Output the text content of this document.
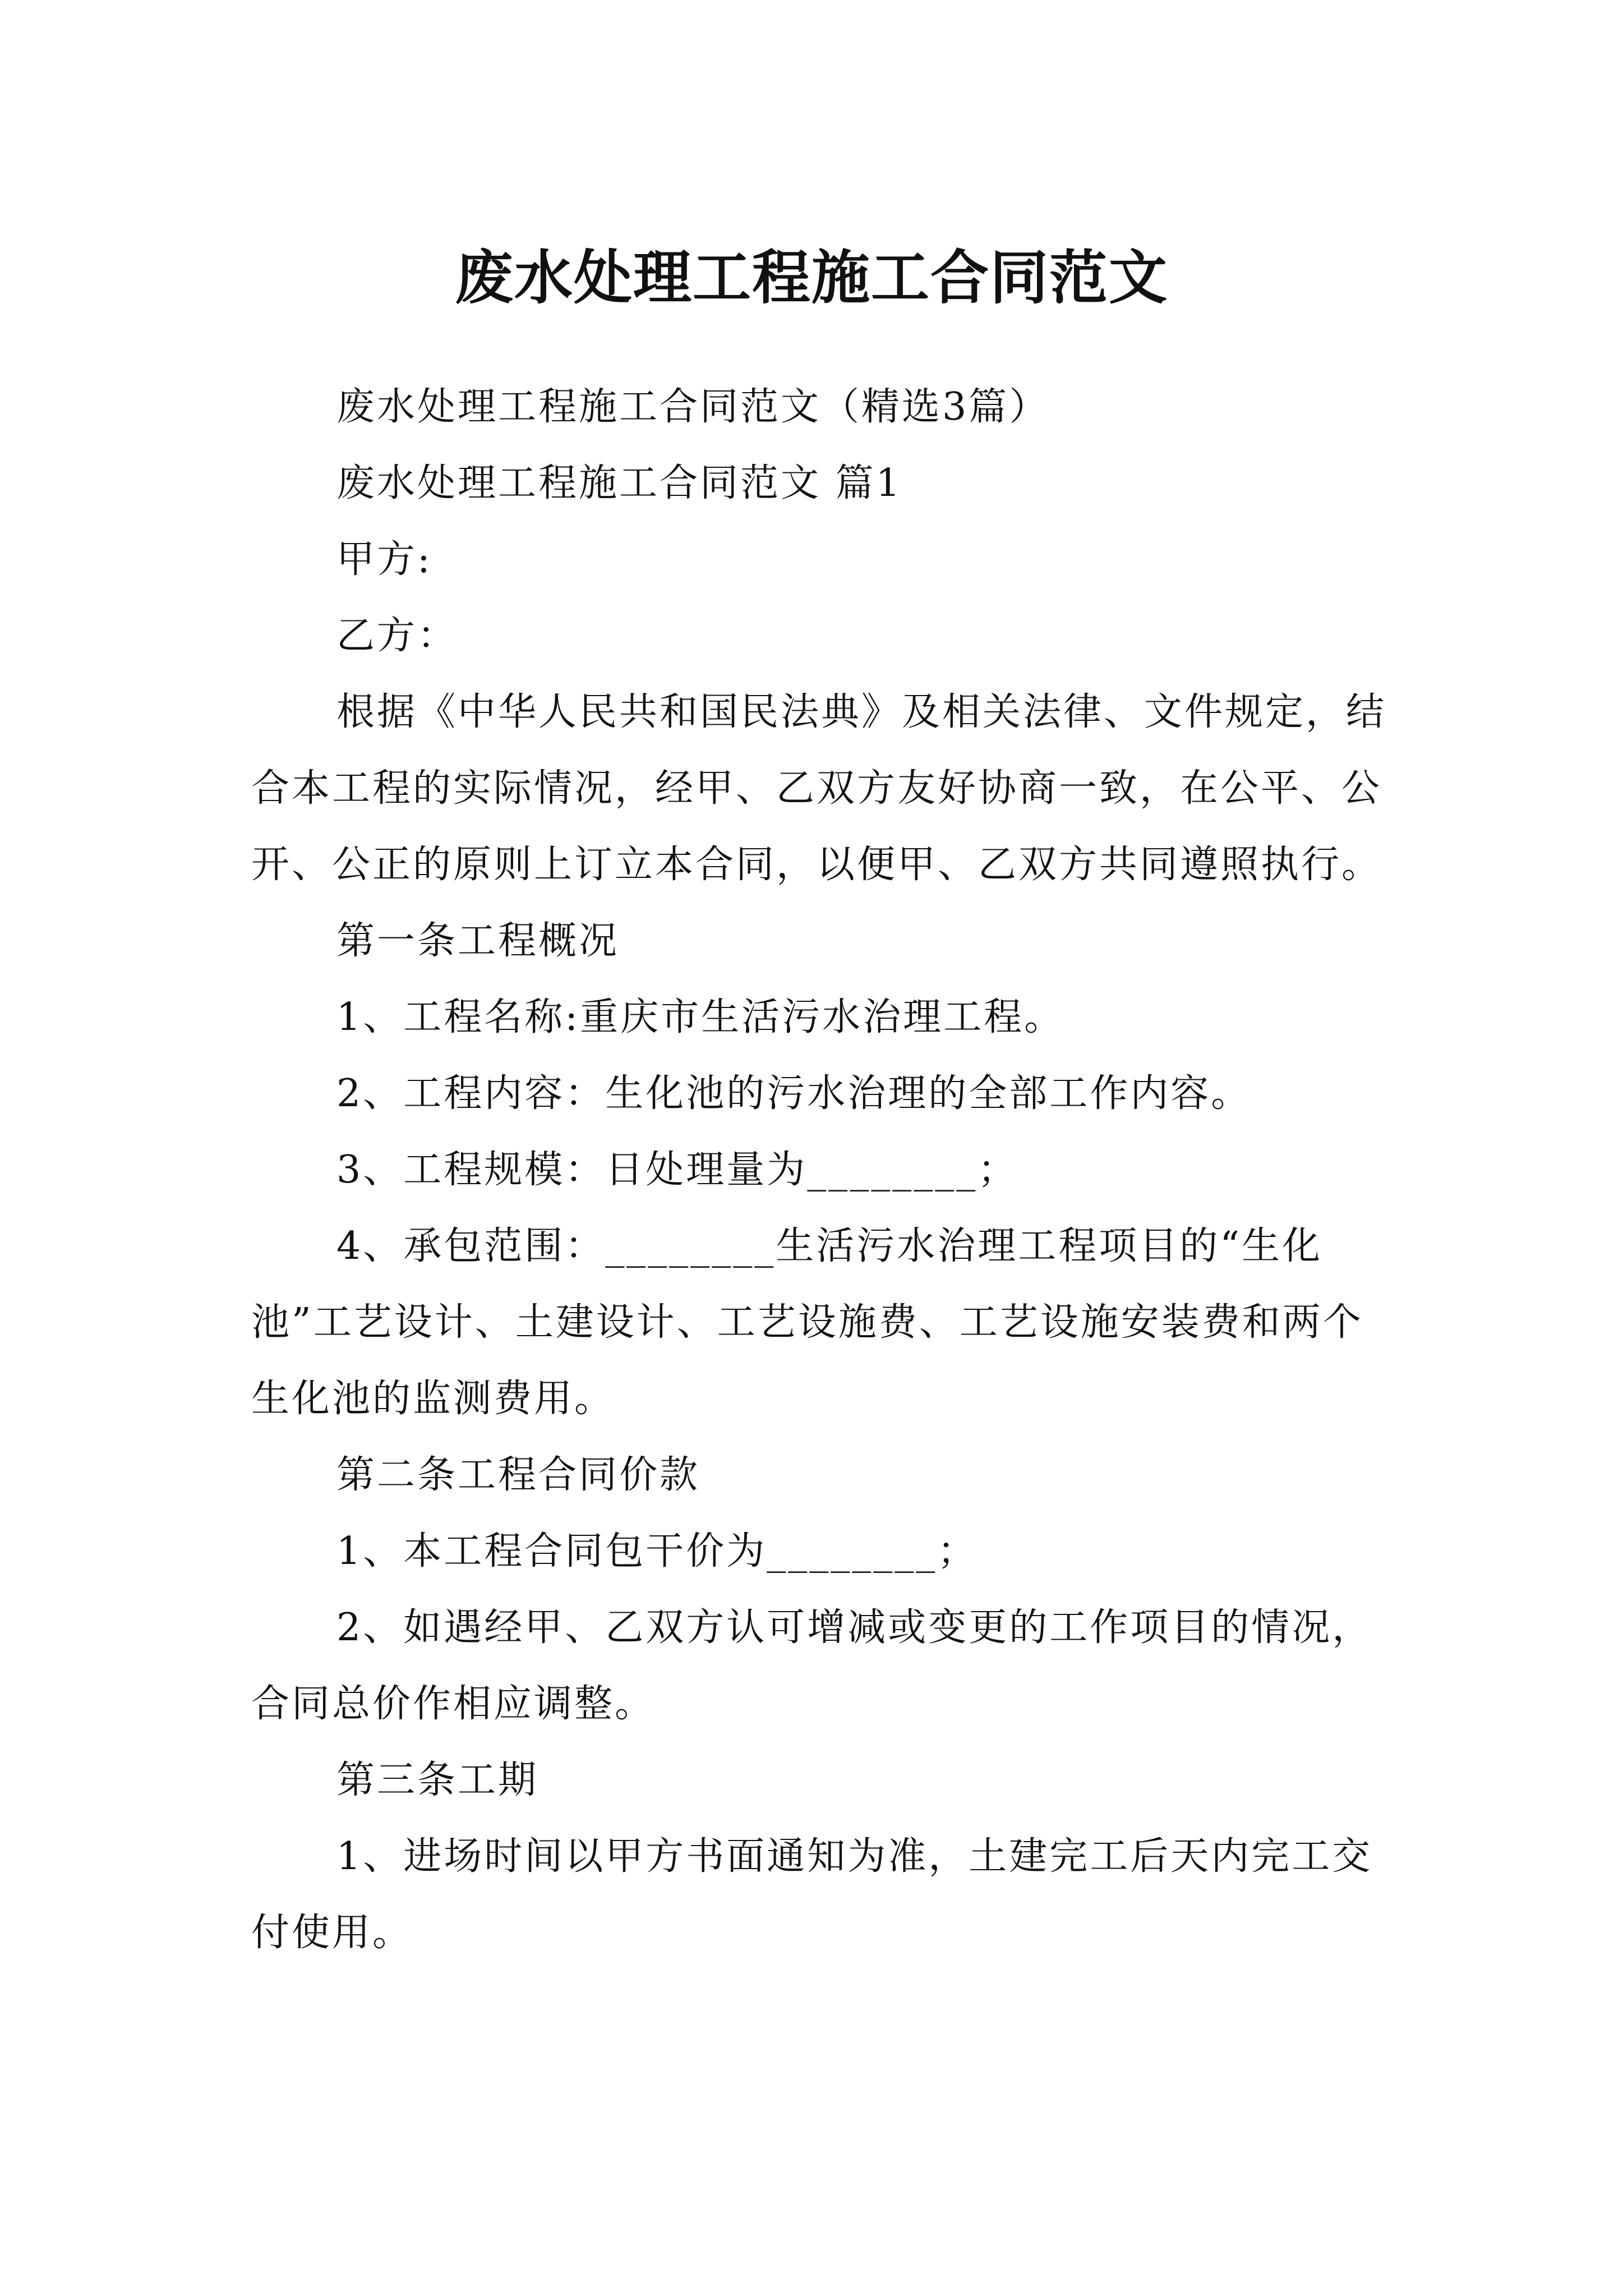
废水处理工程施工合同范文

废水处理工程施工合同范文（精选3篇）

废水处理工程施工合同范文 篇1

甲方:

乙方：

根据《中华人民共和国民法典》及相关法律、文件规定，结合本工程的实际情况，经甲、乙双方友好协商一致，在公平、公开、公正的原则上订立本合同，以便甲、乙双方共同遵照执行。

第一条工程概况

1、工程名称:重庆市生活污水治理工程。

2、工程内容：生化池的污水治理的全部工作内容。

3、工程规模：日处理量为________；

4、承包范围：________生活污水治理工程项目的“生化池”工艺设计、土建设计、工艺设施费、工艺设施安装费和两个生化池的监测费用。

第二条工程合同价款

1、本工程合同包干价为________；

2、如遇经甲、乙双方认可增减或变更的工作项目的情况，合同总价作相应调整。

第三条工期

1、进场时间以甲方书面通知为准，土建完工后天内完工交付使用。
